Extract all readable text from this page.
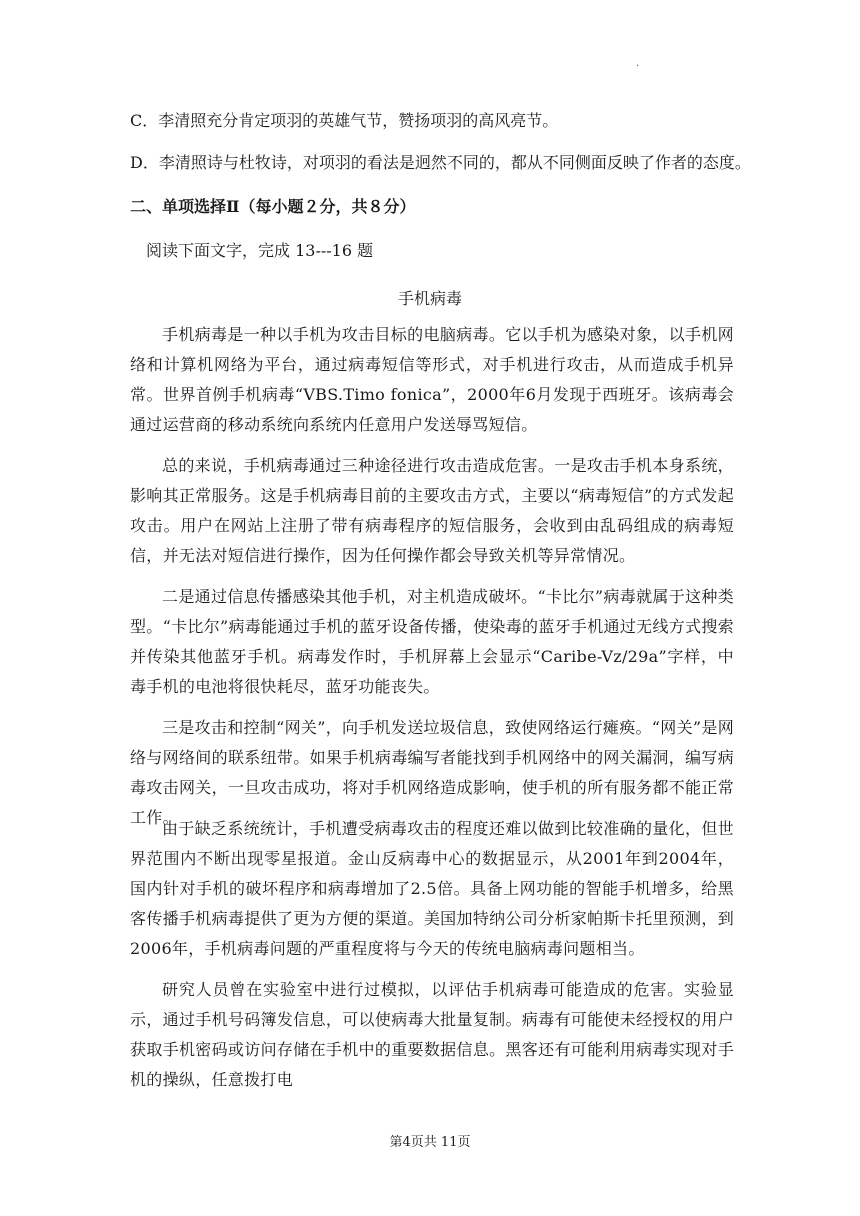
.
C．李清照充分肯定项羽的英雄气节，赞扬项羽的高风亮节。
D．李清照诗与杜牧诗，对项羽的看法是迥然不同的，都从不同侧面反映了作者的态度。
二、单项选择Ⅱ（每小题２分，共８分）
阅读下面文字，完成 13---16 题
手机病毒
手机病毒是一种以手机为攻击目标的电脑病毒。它以手机为感染对象，以手机网络和计算机网络为平台，通过病毒短信等形式，对手机进行攻击，从而造成手机异常。世界首例手机病毒“VBS.Timo fonica”，2000年6月发现于西班牙。该病毒会通过运营商的移动系统向系统内任意用户发送辱骂短信。
总的来说，手机病毒通过三种途径进行攻击造成危害。一是攻击手机本身系统，影响其正常服务。这是手机病毒目前的主要攻击方式，主要以“病毒短信”的方式发起攻击。用户在网站上注册了带有病毒程序的短信服务，会收到由乱码组成的病毒短信，并无法对短信进行操作，因为任何操作都会导致关机等异常情况。
二是通过信息传播感染其他手机，对主机造成破坏。“卡比尔”病毒就属于这种类型。“卡比尔”病毒能通过手机的蓝牙设备传播，使染毒的蓝牙手机通过无线方式搜索并传染其他蓝牙手机。病毒发作时，手机屏幕上会显示“Caribe-Vz/29a”字样，中毒手机的电池将很快耗尽，蓝牙功能丧失。
三是攻击和控制“网关”，向手机发送垃圾信息，致使网络运行瘫痪。“网关”是网络与网络间的联系纽带。如果手机病毒编写者能找到手机网络中的网关漏洞，编写病毒攻击网关，一旦攻击成功，将对手机网络造成影响，使手机的所有服务都不能正常工作。
由于缺乏系统统计，手机遭受病毒攻击的程度还难以做到比较准确的量化，但世界范围内不断出现零星报道。金山反病毒中心的数据显示，从2001年到2004年，国内针对手机的破坏程序和病毒增加了2.5倍。具备上网功能的智能手机增多，给黑客传播手机病毒提供了更为方便的渠道。美国加特纳公司分析家帕斯卡托里预测，到2006年，手机病毒问题的严重程度将与今天的传统电脑病毒问题相当。
研究人员曾在实验室中进行过模拟，以评估手机病毒可能造成的危害。实验显示，通过手机号码簿发信息，可以使病毒大批量复制。病毒有可能使未经授权的用户获取手机密码或访问存储在手机中的重要数据信息。黑客还有可能利用病毒实现对手机的操纵，任意拨打电
第4页共 11页
